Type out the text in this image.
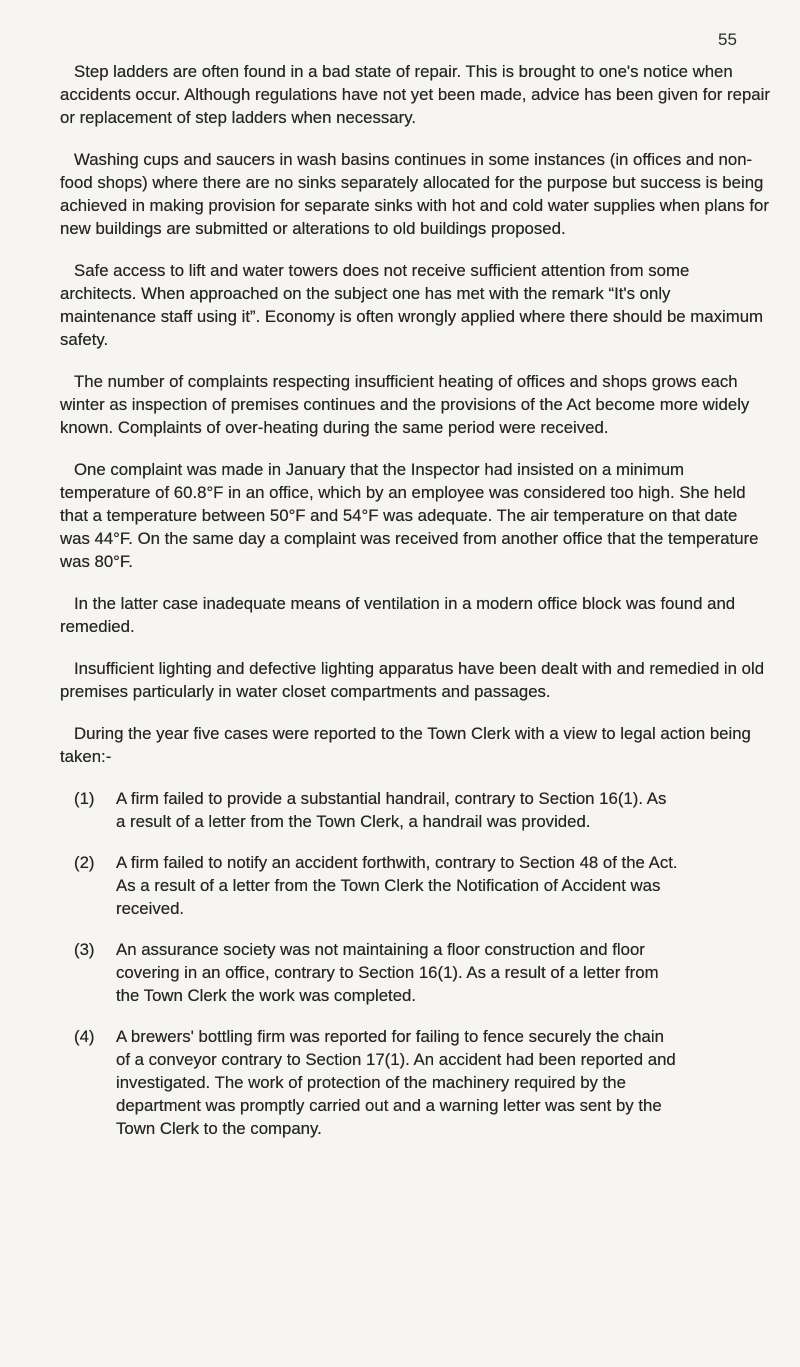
55

Step ladders are often found in a bad state of repair. This is brought to one's notice when accidents occur. Although regulations have not yet been made, advice has been given for repair or replacement of step ladders when necessary.

Washing cups and saucers in wash basins continues in some instances (in offices and non-food shops) where there are no sinks separately allocated for the purpose but success is being achieved in making provision for separate sinks with hot and cold water supplies when plans for new buildings are submitted or alterations to old buildings proposed.

Safe access to lift and water towers does not receive sufficient attention from some architects. When approached on the subject one has met with the remark “It's only maintenance staff using it”. Economy is often wrongly applied where there should be maximum safety.

The number of complaints respecting insufficient heating of offices and shops grows each winter as inspection of premises continues and the provisions of the Act become more widely known. Complaints of over-heating during the same period were received.

One complaint was made in January that the Inspector had insisted on a minimum temperature of 60.8°F in an office, which by an employee was considered too high. She held that a temperature between 50°F and 54°F was adequate. The air temperature on that date was 44°F. On the same day a complaint was received from another office that the temperature was 80°F.

In the latter case inadequate means of ventilation in a modern office block was found and remedied.

Insufficient lighting and defective lighting apparatus have been dealt with and remedied in old premises particularly in water closet compartments and passages.

During the year five cases were reported to the Town Clerk with a view to legal action being taken:-

(1)	A firm failed to provide a substantial handrail, contrary to Section 16(1). As a result of a letter from the Town Clerk, a handrail was provided.
(2)	A firm failed to notify an accident forthwith, contrary to Section 48 of the Act. As a result of a letter from the Town Clerk the Notification of Accident was received.
(3)	An assurance society was not maintaining a floor construction and floor covering in an office, contrary to Section 16(1). As a result of a letter from the Town Clerk the work was completed.
(4)	A brewers' bottling firm was reported for failing to fence securely the chain of a conveyor contrary to Section 17(1). An accident had been reported and investigated. The work of protection of the machinery required by the department was promptly carried out and a warning letter was sent by the Town Clerk to the company.
